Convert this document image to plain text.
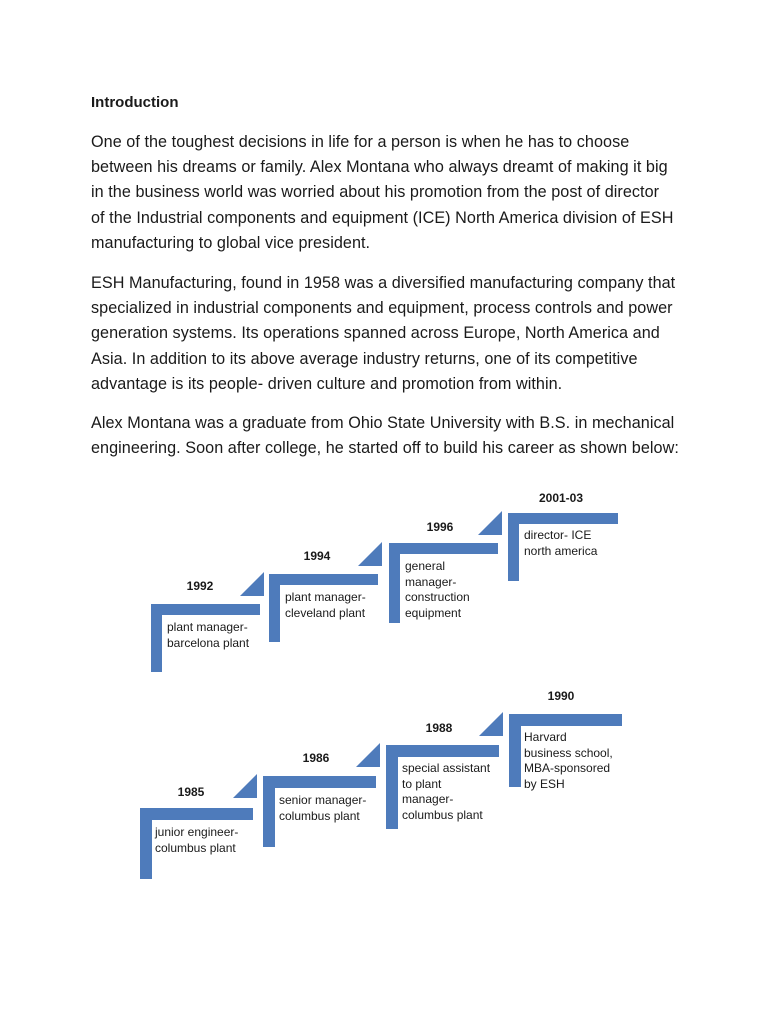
Introduction

One of the toughest decisions in life for a person is when he has to choose
between his dreams or family. Alex Montana who always dreamt of making it big
in the business world was worried about his promotion from the post of director
of the Industrial components and equipment (ICE) North America division of ESH
manufacturing to global vice president.

ESH Manufacturing, found in 1958 was a diversified manufacturing company that
specialized in industrial components and equipment, process controls and power
generation systems. Its operations spanned across Europe, North America and
Asia. In addition to its above average industry returns, one of its competitive
advantage is its people- driven culture and promotion from within.

Alex Montana was a graduate from Ohio State University with B.S. in mechanical
engineering. Soon after college, he started off to build his career as shown below:

1992
plant manager-
barcelona plant
1994
plant manager-
cleveland plant
1996
general
manager-
construction
equipment
2001-03
director- ICE
north america
1985
junior engineer-
columbus plant
1986
senior manager-
columbus plant
1988
special assistant
to plant
manager-
columbus plant
1990
Harvard
business school,
MBA-sponsored
by ESH
